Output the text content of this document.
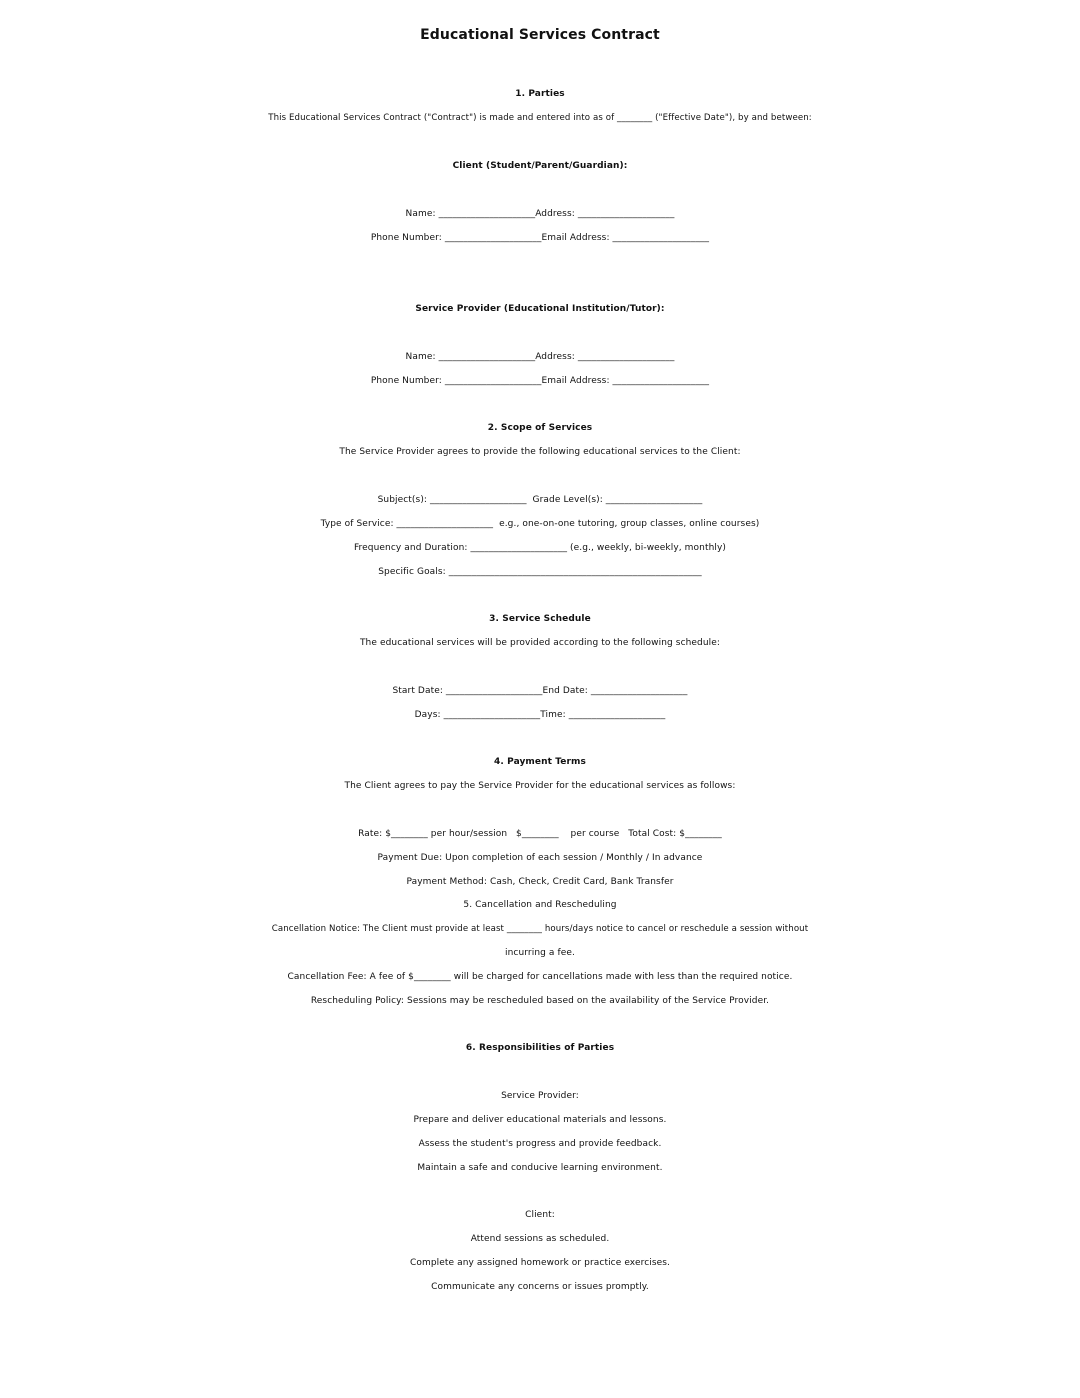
Educational Services Contract
1. Parties
This Educational Services Contract ("Contract") is made and entered into as of ________ ("Effective Date"), by and between:
Client (Student/Parent/Guardian):
Name: _____________________Address: _____________________
Phone Number: _____________________Email Address: _____________________
Service Provider (Educational Institution/Tutor):
Name: _____________________Address: _____________________
Phone Number: _____________________Email Address: _____________________
2. Scope of Services
The Service Provider agrees to provide the following educational services to the Client:
Subject(s): _____________________  Grade Level(s): _____________________
Type of Service: _____________________  e.g., one-on-one tutoring, group classes, online courses)
Frequency and Duration: _____________________ (e.g., weekly, bi-weekly, monthly)
Specific Goals: _______________________________________________________
3. Service Schedule
The educational services will be provided according to the following schedule:
Start Date: _____________________End Date: _____________________
Days: _____________________Time: _____________________
4. Payment Terms
The Client agrees to pay the Service Provider for the educational services as follows:
Rate: $________ per hour/session   $________    per course   Total Cost: $________
Payment Due: Upon completion of each session / Monthly / In advance
Payment Method: Cash, Check, Credit Card, Bank Transfer
5. Cancellation and Rescheduling
Cancellation Notice: The Client must provide at least ________ hours/days notice to cancel or reschedule a session without
incurring a fee.
Cancellation Fee: A fee of $________ will be charged for cancellations made with less than the required notice.
Rescheduling Policy: Sessions may be rescheduled based on the availability of the Service Provider.
6. Responsibilities of Parties
Service Provider:
Prepare and deliver educational materials and lessons.
Assess the student's progress and provide feedback.
Maintain a safe and conducive learning environment.
Client:
Attend sessions as scheduled.
Complete any assigned homework or practice exercises.
Communicate any concerns or issues promptly.
